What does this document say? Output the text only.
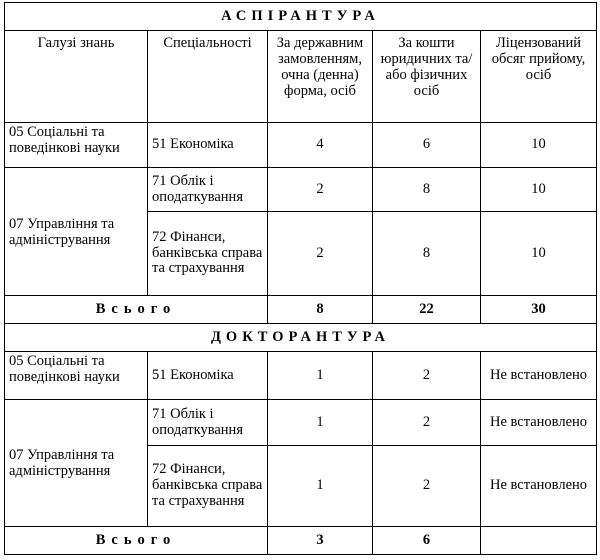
АСПІРАНТУРА				
Галузі знань	Спеціальності	За державним замовленням, очна (денна) форма, осіб	За кошти юридичних та/або фізичних осіб	Ліцензований обсяг прийому, осіб
05 Соціальні та поведінкові науки	51 Економіка	4	6	10
07 Управління та адміністрування	71 Облік і оподаткування	2	8	10
	72 Фінанси, банківська справа та страхування	2	8	10
Всього		8	22	30
ДОКТОРАНТУРА				
05 Соціальні та поведінкові науки	51 Економіка	1	2	Не встановлено
07 Управління та адміністрування	71 Облік і оподаткування	1	2	Не встановлено
	72 Фінанси, банківська справа та страхування	1	2	Не встановлено
Всього		3	6	
